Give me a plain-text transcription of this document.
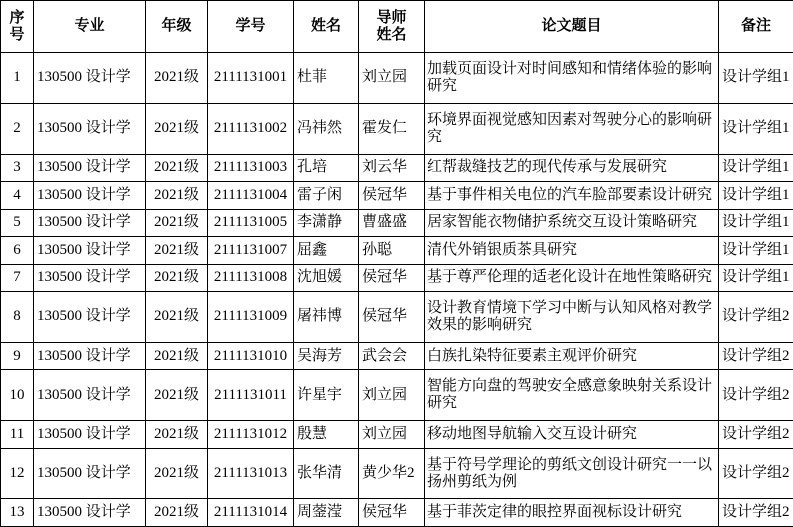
序号	专业	年级	学号	姓名	导师姓名	论文题目	备注
1	130500 设计学	2021级	2111131001	杜菲	刘立园	加载页面设计对时间感知和情绪体验的影响研究	设计学组1
2	130500 设计学	2021级	2111131002	冯祎然	霍发仁	环境界面视觉感知因素对驾驶分心的影响研究	设计学组1
3	130500 设计学	2021级	2111131003	孔培	刘云华	红帮裁缝技艺的现代传承与发展研究	设计学组1
4	130500 设计学	2021级	2111131004	雷子闲	侯冠华	基于事件相关电位的汽车脸部要素设计研究	设计学组1
5	130500 设计学	2021级	2111131005	李潇静	曹盛盛	居家智能衣物储护系统交互设计策略研究	设计学组1
6	130500 设计学	2021级	2111131007	屈鑫	孙聪	清代外销银质茶具研究	设计学组1
7	130500 设计学	2021级	2111131008	沈旭媛	侯冠华	基于尊严伦理的适老化设计在地性策略研究	设计学组1
8	130500 设计学	2021级	2111131009	屠祎博	侯冠华	设计教育情境下学习中断与认知风格对教学效果的影响研究	设计学组2
9	130500 设计学	2021级	2111131010	吴海芳	武会会	白族扎染特征要素主观评价研究	设计学组2
10	130500 设计学	2021级	2111131011	许星宇	刘立园	智能方向盘的驾驶安全感意象映射关系设计研究	设计学组2
11	130500 设计学	2021级	2111131012	殷慧	刘立园	移动地图导航输入交互设计研究	设计学组2
12	130500 设计学	2021级	2111131013	张华清	黄少华2	基于符号学理论的剪纸文创设计研究一一以扬州剪纸为例	设计学组2
13	130500 设计学	2021级	2111131014	周蓥滢	侯冠华	基于菲茨定律的眼控界面视标设计研究	设计学组2
